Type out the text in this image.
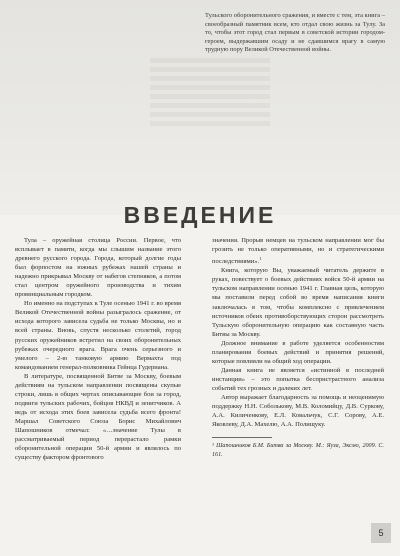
Тульского оборонительного сражения, и вместе с тем, эта книга – своеобразный памятник всем, кто отдал свою жизнь за Тулу. За то, чтобы этот город стал первым в советской истории городом-героем, выдержавшим осаду и не сдавшимся врагу в самую трудную пору Великой Отечественной войны.
ВВЕДЕНИЕ

Тула – оружейная столица России. Первое, что всплывает в памяти, когда мы слышим название этого древнего русского города. Города, который долгие годы был форпостом на южных рубежах нашей страны и надежно прикрывал Москву от набегов степняков, а потом стал центром оружейного производства и тихим провинциальным городком.

Но именно на подступах к Туле осенью 1941 г. во время Великой Отечественной войны разыгралось сражение, от исхода которого зависела судьба не только Москвы, но и всей страны. Вновь, спустя несколько столетий, город русских оружейников встретил на своих оборонительных рубежах очередного врага. Врага очень серьезного и умелого – 2-ю танковую армию Вермахта под командованием генерал-полковника Гейнца Гудериана.

В литературе, посвященной Битве за Москву, боевым действиям на тульском направлении посвящены скупые строки, лишь в общих чертах описывающие бои за город, подвиги тульских рабочих, бойцов НКВД и зенитчиков. А ведь от исхода этих боев зависела судьба всего фронта! Маршал Советского Союза Борис Михайлович Шапошников отмечал: «…значение Тулы в рассматриваемый период перерастало рамки оборонительной операции 50-й армии и являлось по существу фактором фронтового

значения. Прорыв немцев на тульском направлении мог бы грозить не только оперативными, но и стратегическими последствиями».$^1$

Книга, которую Вы, уважаемый читатель держите в руках, повествует о боевых действиях войск 50-й армии на тульском направлении осенью 1941 г. Главная цель, которую мы поставили перед собой во время написания книги заключалась в том, чтобы комплексно с привлечением источников обеих противоборствующих сторон рассмотреть Тульскую оборонительную операцию как составную часть Битвы за Москву.

Должное внимание в работе уделяется особенностям планирования боевых действий и принятия решений, которые повлияли на общий ход операции.

Данная книга не является «истинной в последней инстанции» – это попытка беспристрастного анализа событий тех грозных и далеких лет.

Автор выражает благодарность за помощь и неоценимую поддержку Н.Н. Соболькову, М.В. Коломийцу, Д.В. Суркову, А.А. Киличенкову, Е.Л. Ковальчук, С.Г. Сорову, А.Е. Яковлеву, Д.А. Махелю, А.А. Полищуку.

¹ Шапошников Б.М. Битва за Москву. М.: Яуза, Эксмо, 2009. С. 161.

5
